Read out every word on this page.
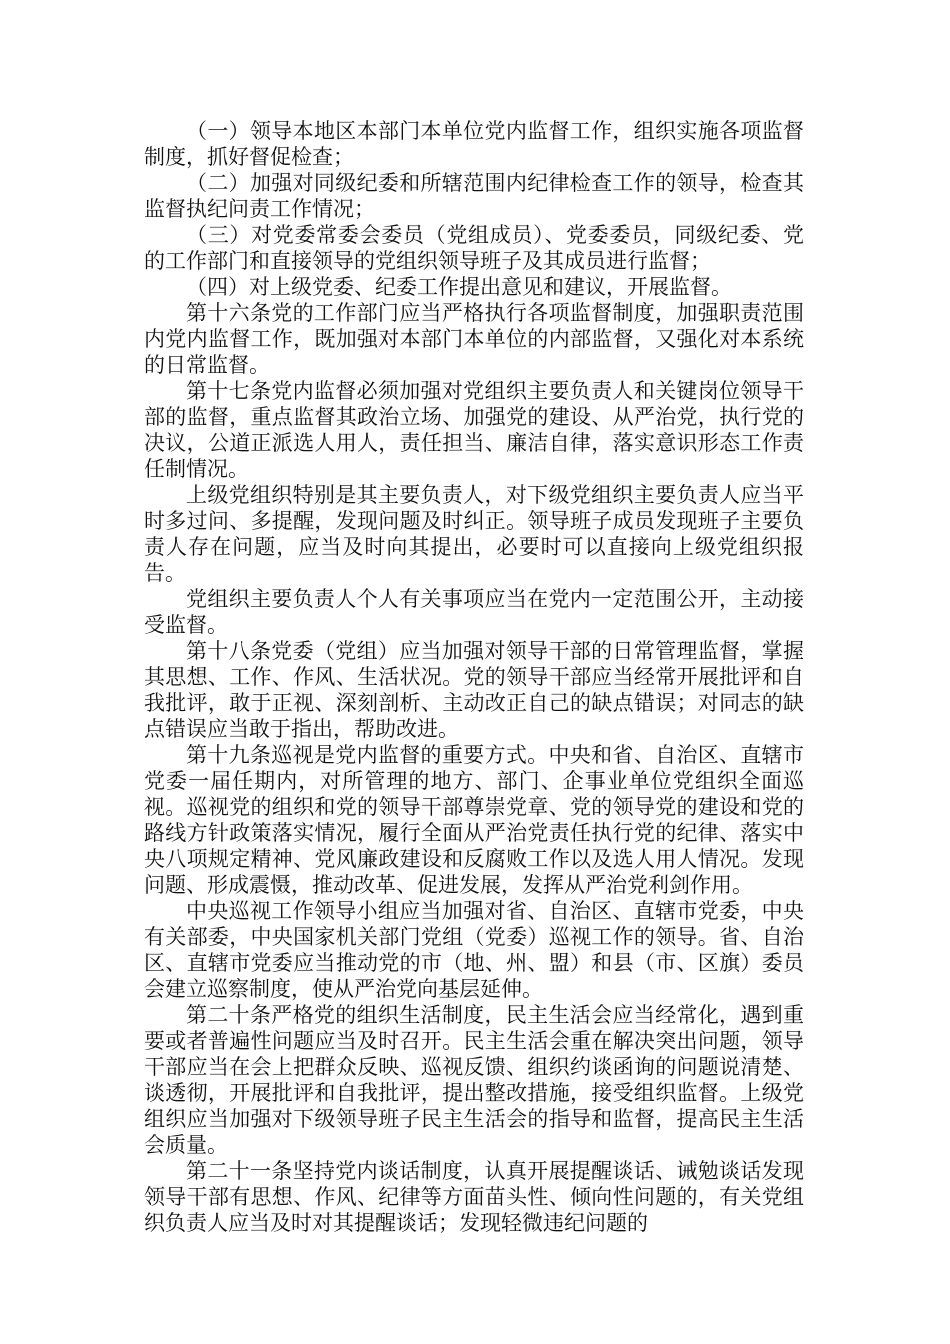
（一）领导本地区本部门本单位党内监督工作，组织实施各项监督制度，抓好督促检查；

（二）加强对同级纪委和所辖范围内纪律检查工作的领导，检查其监督执纪问责工作情况；

（三）对党委常委会委员（党组成员）、党委委员，同级纪委、党的工作部门和直接领导的党组织领导班子及其成员进行监督；

（四）对上级党委、纪委工作提出意见和建议，开展监督。

第十六条党的工作部门应当严格执行各项监督制度，加强职责范围内党内监督工作，既加强对本部门本单位的内部监督，又强化对本系统的日常监督。

第十七条党内监督必须加强对党组织主要负责人和关键岗位领导干部的监督，重点监督其政治立场、加强党的建设、从严治党，执行党的决议，公道正派选人用人，责任担当、廉洁自律，落实意识形态工作责任制情况。

上级党组织特别是其主要负责人，对下级党组织主要负责人应当平时多过问、多提醒，发现问题及时纠正。领导班子成员发现班子主要负责人存在问题，应当及时向其提出，必要时可以直接向上级党组织报告。

党组织主要负责人个人有关事项应当在党内一定范围公开，主动接受监督。

第十八条党委（党组）应当加强对领导干部的日常管理监督，掌握其思想、工作、作风、生活状况。党的领导干部应当经常开展批评和自我批评，敢于正视、深刻剖析、主动改正自己的缺点错误；对同志的缺点错误应当敢于指出，帮助改进。

第十九条巡视是党内监督的重要方式。中央和省、自治区、直辖市党委一届任期内，对所管理的地方、部门、企事业单位党组织全面巡视。巡视党的组织和党的领导干部尊崇党章、党的领导党的建设和党的路线方针政策落实情况，履行全面从严治党责任执行党的纪律、落实中央八项规定精神、党风廉政建设和反腐败工作以及选人用人情况。发现问题、形成震慑，推动改革、促进发展，发挥从严治党利剑作用。

中央巡视工作领导小组应当加强对省、自治区、直辖市党委，中央有关部委，中央国家机关部门党组（党委）巡视工作的领导。省、自治区、直辖市党委应当推动党的市（地、州、盟）和县（市、区旗）委员会建立巡察制度，使从严治党向基层延伸。

第二十条严格党的组织生活制度，民主生活会应当经常化，遇到重要或者普遍性问题应当及时召开。民主生活会重在解决突出问题，领导干部应当在会上把群众反映、巡视反馈、组织约谈函询的问题说清楚、谈透彻，开展批评和自我批评，提出整改措施，接受组织监督。上级党组织应当加强对下级领导班子民主生活会的指导和监督，提高民主生活会质量。

第二十一条坚持党内谈话制度，认真开展提醒谈话、诫勉谈话发现领导干部有思想、作风、纪律等方面苗头性、倾向性问题的，有关党组织负责人应当及时对其提醒谈话；发现轻微违纪问题的
